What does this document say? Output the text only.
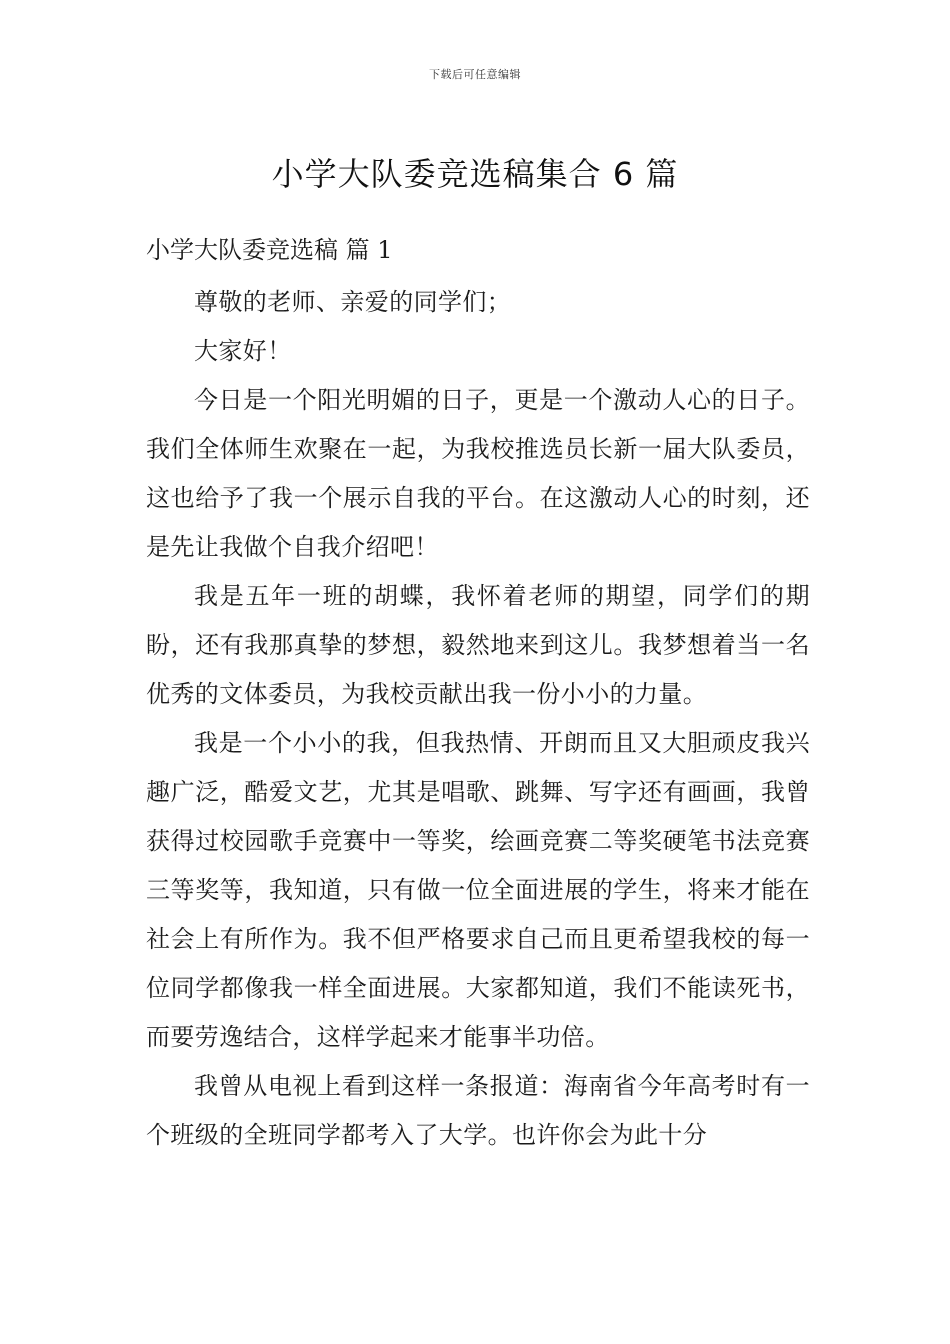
下载后可任意编辑
小学大队委竞选稿集合 6 篇
小学大队委竞选稿 篇 1

尊敬的老师、亲爱的同学们；

大家好！

今日是一个阳光明媚的日子，更是一个激动人心的日子。我们全体师生欢聚在一起，为我校推选员长新一届大队委员，这也给予了我一个展示自我的平台。在这激动人心的时刻，还是先让我做个自我介绍吧！

我是五年一班的胡蝶，我怀着老师的期望，同学们的期盼，还有我那真挚的梦想，毅然地来到这儿。我梦想着当一名优秀的文体委员，为我校贡献出我一份小小的力量。

我是一个小小的我，但我热情、开朗而且又大胆顽皮我兴趣广泛，酷爱文艺，尤其是唱歌、跳舞、写字还有画画，我曾获得过校园歌手竞赛中一等奖，绘画竞赛二等奖硬笔书法竞赛三等奖等，我知道，只有做一位全面进展的学生，将来才能在社会上有所作为。我不但严格要求自己而且更希望我校的每一位同学都像我一样全面进展。大家都知道，我们不能读死书，而要劳逸结合，这样学起来才能事半功倍。

我曾从电视上看到这样一条报道：海南省今年高考时有一个班级的全班同学都考入了大学。也许你会为此十分
